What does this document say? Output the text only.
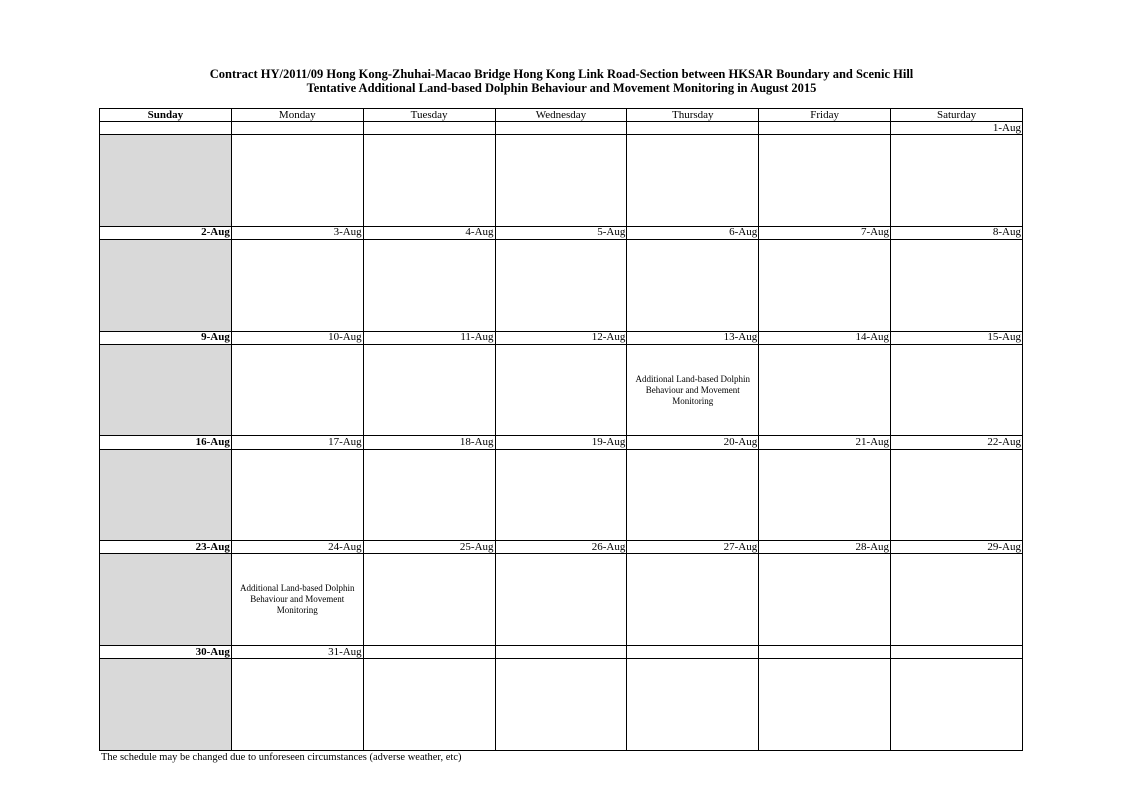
Contract HY/2011/09 Hong Kong-Zhuhai-Macao Bridge Hong Kong Link Road-Section between HKSAR Boundary and Scenic Hill
Tentative Additional Land-based Dolphin Behaviour and Movement Monitoring in August 2015
Sunday	Monday	Tuesday	Wednesday	Thursday	Friday	Saturday
						1-Aug

2-Aug	3-Aug	4-Aug	5-Aug	6-Aug	7-Aug	8-Aug

9-Aug	10-Aug	11-Aug	12-Aug	13-Aug	14-Aug	15-Aug

				Additional Land-based Dolphin Behaviour and Movement Monitoring		

16-Aug	17-Aug	18-Aug	19-Aug	20-Aug	21-Aug	22-Aug

23-Aug	24-Aug	25-Aug	26-Aug	27-Aug	28-Aug	29-Aug

	Additional Land-based Dolphin Behaviour and Movement Monitoring					

30-Aug	31-Aug					

The schedule may be changed due to unforeseen circumstances (adverse weather, etc)
